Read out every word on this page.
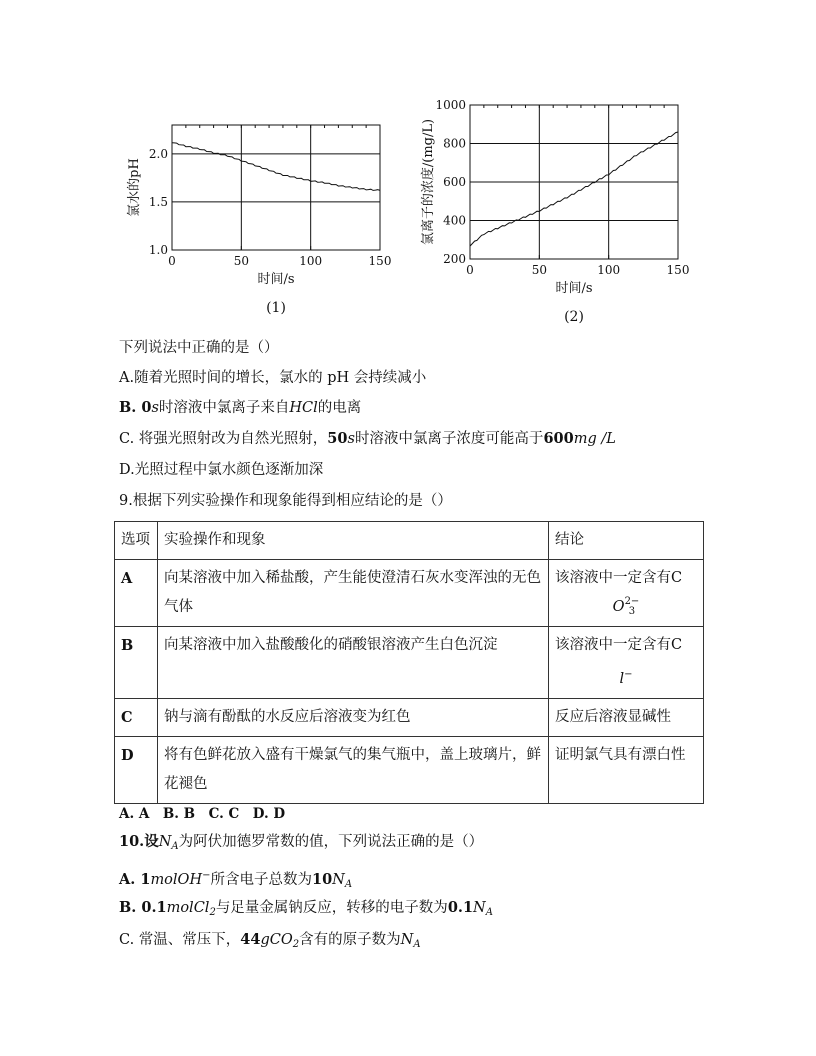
0	50	100	150
1.0
1.5
2.0
时间/s
氯水的pH
(1)
0	50	100	150
200
400
600
800
1000
时间/s
氯离子的浓度/(mg/L)
(2)
下列说法中正确的是（）
A.随着光照时间的增长，氯水的 pH 会持续减小
B. 0s时溶液中氯离子来自HCl的电离
C. 将强光照射改为自然光照射，50s时溶液中氯离子浓度可能高于600mg /L
D.光照过程中氯水颜色逐渐加深
9.根据下列实验操作和现象能得到相应结论的是（）
选项	实验操作和现象	结论
A	向某溶液中加入稀盐酸，产生能使澄清石灰水变浑浊的无色气体	该溶液中一定含有C
O 2−
3

B	向某溶液中加入盐酸酸化的硝酸银溶液产生白色沉淀	该溶液中一定含有C
l−

C	钠与滴有酚酞的水反应后溶液变为红色	反应后溶液显碱性
D	将有色鲜花放入盛有干燥氯气的集气瓶中，盖上玻璃片，鲜花褪色	证明氯气具有漂白性
A. A　B. B　C. C　D. D
10.设$N_A$为阿伏加德罗常数的值，下列说法正确的是（）
A. 1molOH−所含电子总数为$10N_A$
B. 0.1molCl$_2$与足量金属钠反应，转移的电子数为$0.1N_A$
C. 常温、常压下，44gCO$_2$含有的原子数为$N_A$
